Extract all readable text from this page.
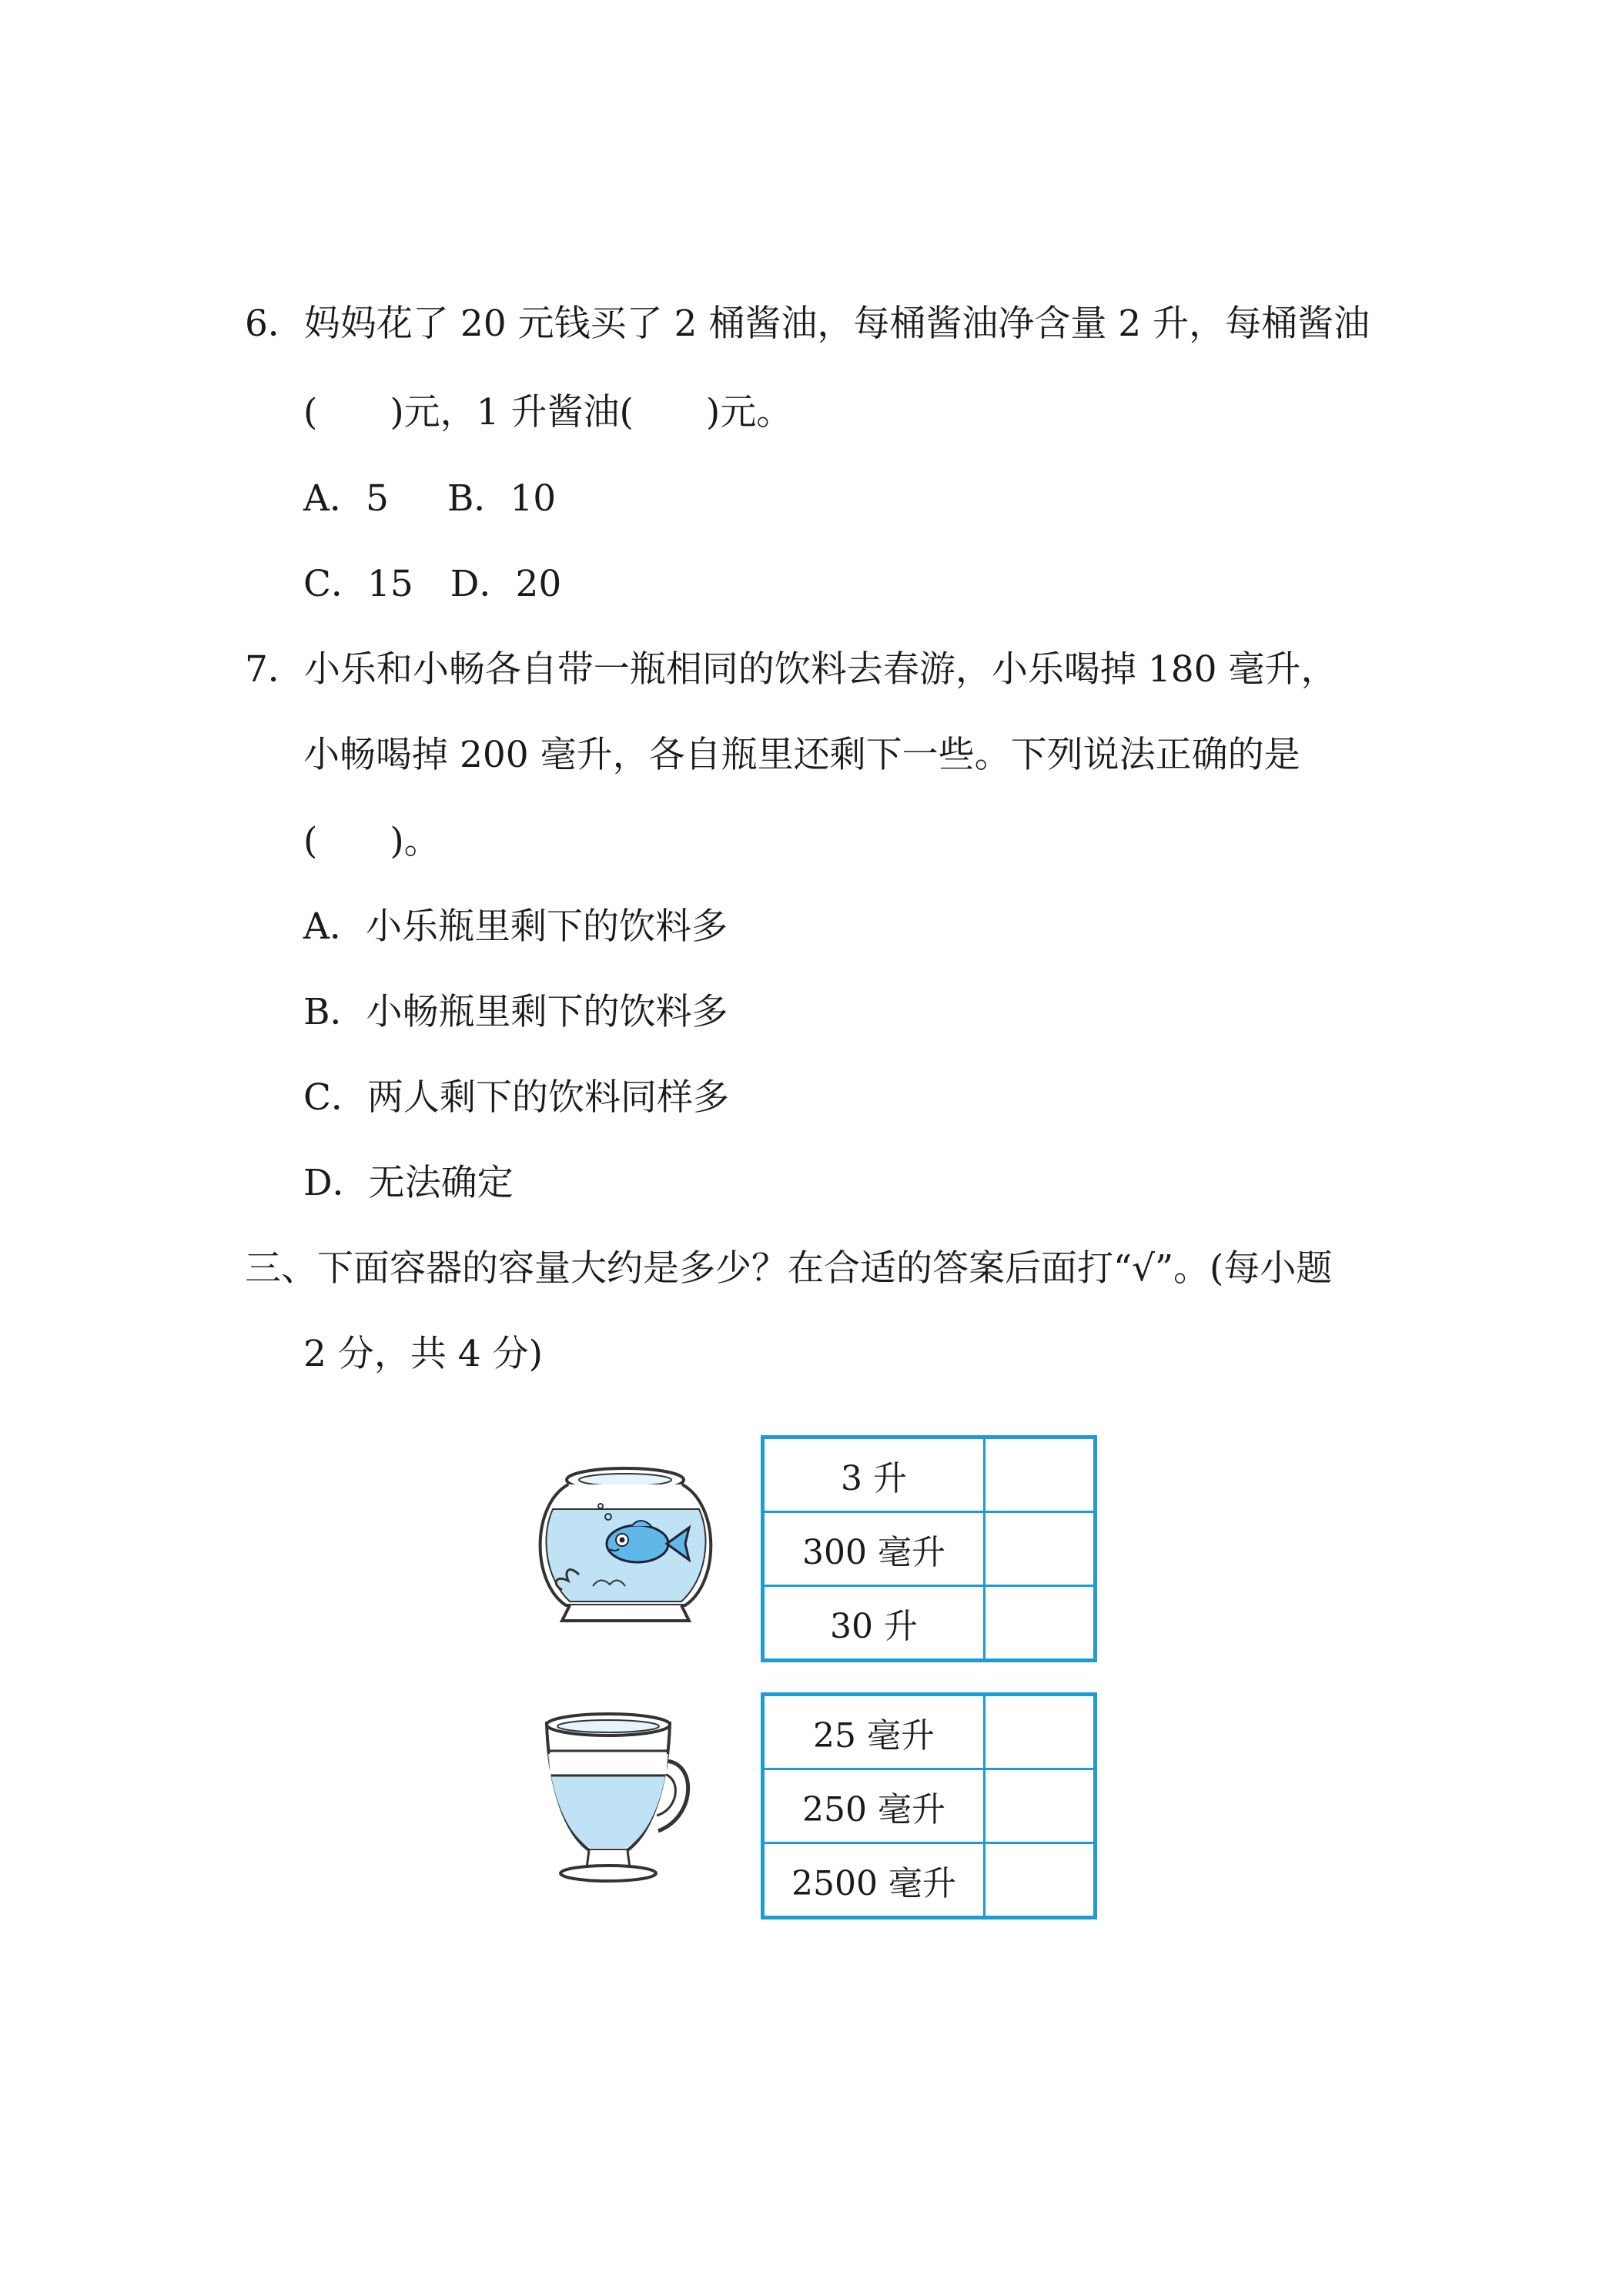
6．妈妈花了 20 元钱买了 2 桶酱油，每桶酱油净含量 2 升，每桶酱油
(　　)元，1 升酱油(　　)元。
A．5 B．10
C．15 D．20
7．小乐和小畅各自带一瓶相同的饮料去春游，小乐喝掉 180 毫升，
小畅喝掉 200 毫升，各自瓶里还剩下一些。下列说法正确的是
(　　)。
A．小乐瓶里剩下的饮料多
B．小畅瓶里剩下的饮料多
C．两人剩下的饮料同样多
D．无法确定
三、下面容器的容量大约是多少？在合适的答案后面打“√”。(每小题
2 分，共 4 分)
3 升	
300 毫升	
30 升	
25 毫升	
250 毫升	
2500 毫升	
